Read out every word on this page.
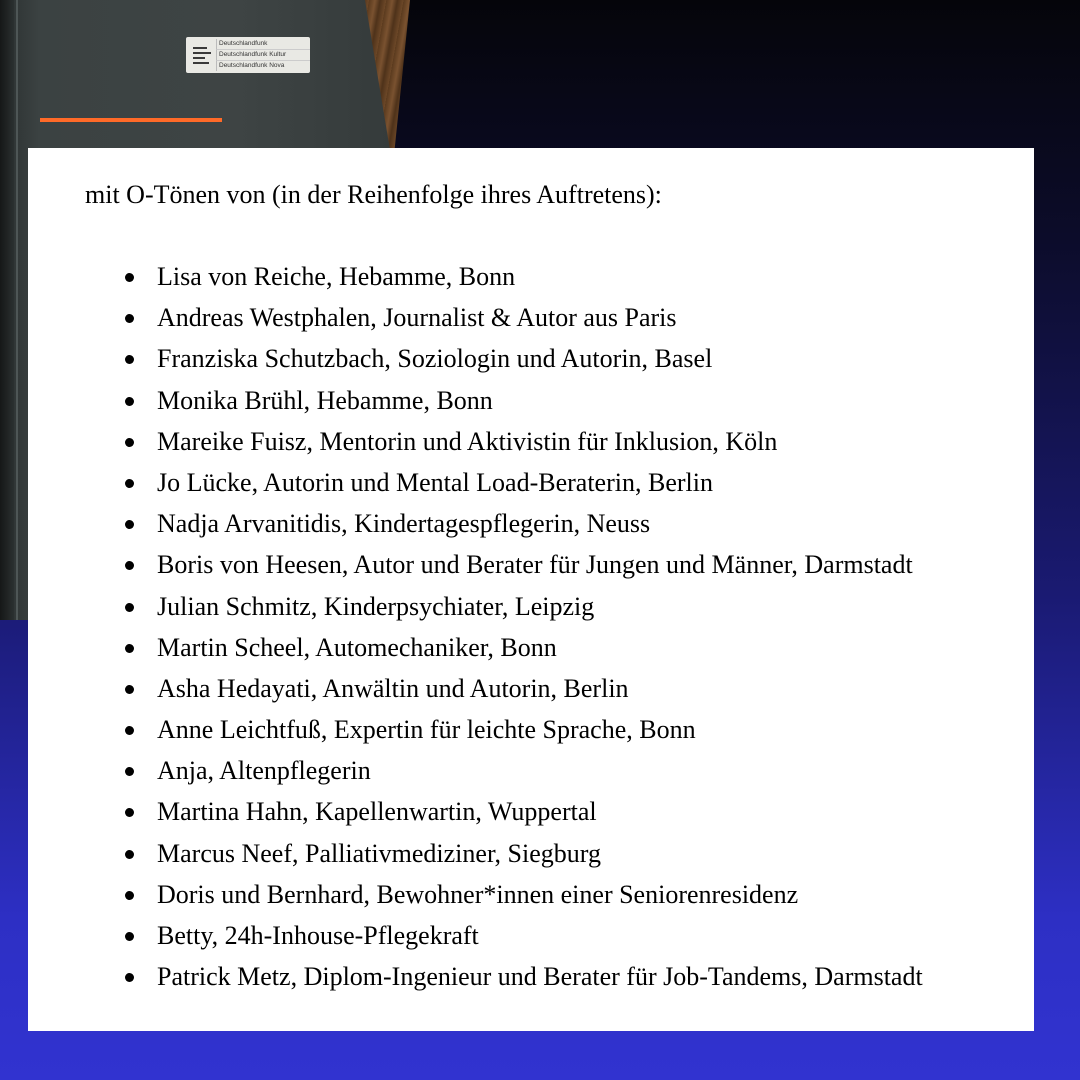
Deutschlandfunk
Deutschlandfunk Kultur
Deutschlandfunk Nova

mit O-Tönen von (in der Reihenfolge ihres Auftretens):

Lisa von Reiche, Hebamme, Bonn
Andreas Westphalen, Journalist & Autor aus Paris
Franziska Schutzbach, Soziologin und Autorin, Basel
Monika Brühl, Hebamme, Bonn
Mareike Fuisz, Mentorin und Aktivistin für Inklusion, Köln
Jo Lücke, Autorin und Mental Load-Beraterin, Berlin
Nadja Arvanitidis, Kindertagespflegerin, Neuss
Boris von Heesen, Autor und Berater für Jungen und Männer, Darmstadt
Julian Schmitz, Kinderpsychiater, Leipzig
Martin Scheel, Automechaniker, Bonn
Asha Hedayati, Anwältin und Autorin, Berlin
Anne Leichtfuß, Expertin für leichte Sprache, Bonn
Anja, Altenpflegerin
Martina Hahn, Kapellenwartin, Wuppertal
Marcus Neef, Palliativmediziner, Siegburg
Doris und Bernhard, Bewohner*innen einer Seniorenresidenz
Betty, 24h-Inhouse-Pflegekraft
Patrick Metz, Diplom-Ingenieur und Berater für Job-Tandems, Darmstadt
